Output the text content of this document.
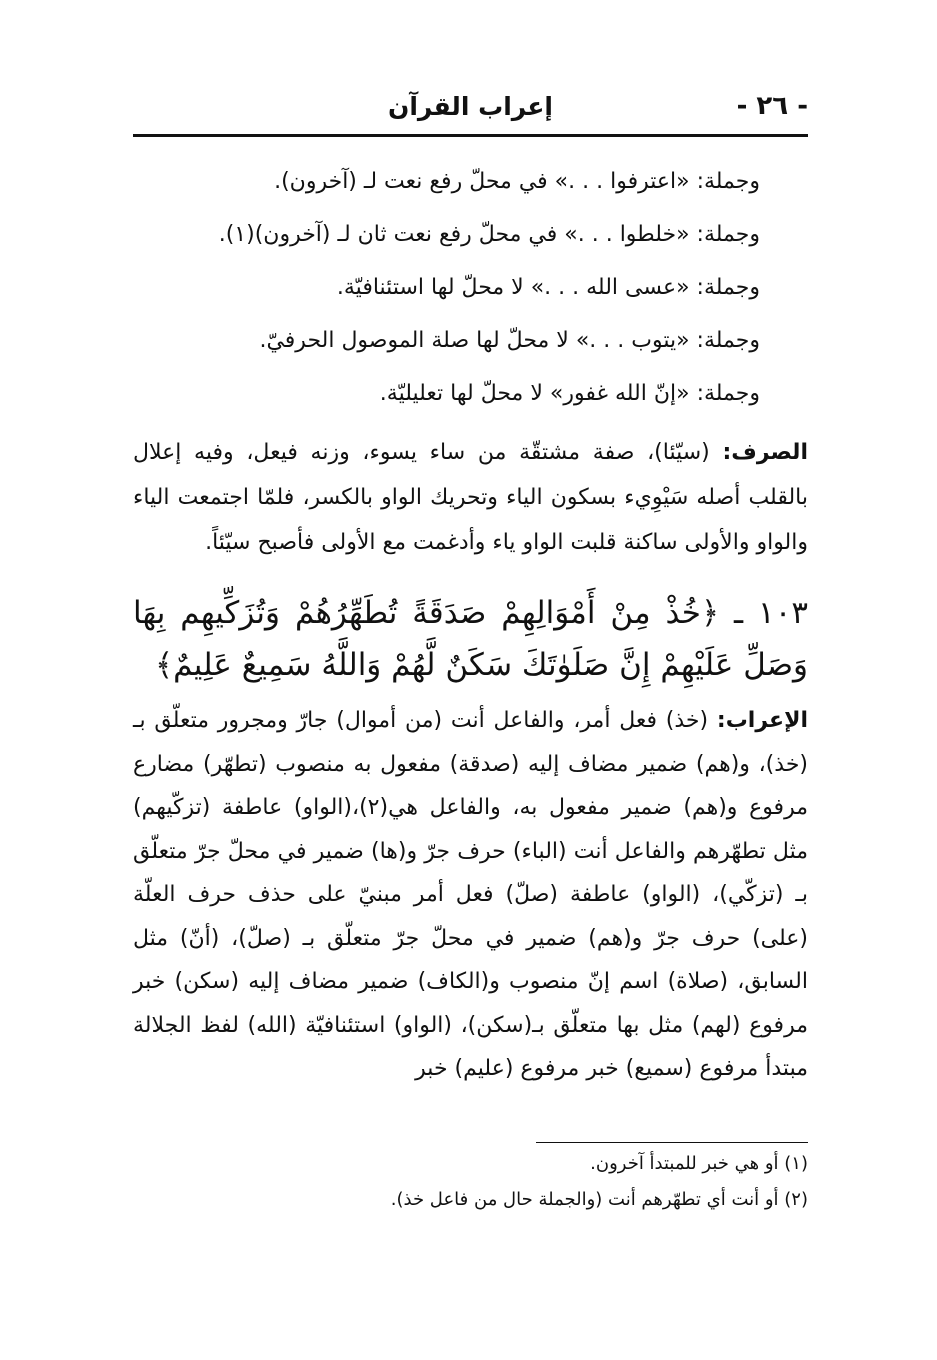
- ٢٦ -
إعراب القرآن
وجملة: «اعترفوا . . .» في محلّ رفع نعت لـ (آخرون).
وجملة: «خلطوا . . .» في محلّ رفع نعت ثان لـ (آخرون)(١).
وجملة: «عسى الله . . .» لا محلّ لها استئنافيّة.
وجملة: «يتوب . . .» لا محلّ لها صلة الموصول الحرفيّ.
وجملة: «إنّ الله غفور» لا محلّ لها تعليليّة.

الصرف: (سيّئا)، صفة مشتقّة من ساء يسوء، وزنه فيعل، وفيه إعلال بالقلب أصله سَيْوِيء بسكون الياء وتحريك الواو بالكسر، فلمّا اجتمعت الياء والواو والأولى ساكنة قلبت الواو ياء وأدغمت مع الأولى فأصبح سيّئاً.

١٠٣ ـ ﴿خُذْ مِنْ أَمْوَالِهِمْ صَدَقَةً تُطَهِّرُهُمْ وَتُزَكِّيهِم بِهَا وَصَلِّ عَلَيْهِمْ إِنَّ صَلَوٰتَكَ سَكَنٌ لَّهُمْ وَاللَّهُ سَمِيعٌ عَلِيمٌ﴾

الإعراب: (خذ) فعل أمر، والفاعل أنت (من أموال) جارّ ومجرور متعلّق بـ (خذ)، و(هم) ضمير مضاف إليه (صدقة) مفعول به منصوب (تطهّر) مضارع مرفوع و(هم) ضمير مفعول به، والفاعل هي(٢)،(الواو) عاطفة (تزكّيهم) مثل تطهّرهم والفاعل أنت (الباء) حرف جرّ و(ها) ضمير في محلّ جرّ متعلّق بـ (تزكّي)، (الواو) عاطفة (صلّ) فعل أمر مبنيّ على حذف حرف العلّة (على) حرف جرّ و(هم) ضمير في محلّ جرّ متعلّق بـ (صلّ)، (أنّ) مثل السابق، (صلاة) اسم إنّ منصوب و(الكاف) ضمير مضاف إليه (سكن) خبر مرفوع (لهم) مثل بها متعلّق بـ(سكن)، (الواو) استئنافيّة (الله) لفظ الجلالة مبتدأ مرفوع (سميع) خبر مرفوع (عليم) خبر

(١) أو هي خبر للمبتدأ آخرون.
(٢) أو أنت أي تطهّرهم أنت (والجملة حال من فاعل خذ).
